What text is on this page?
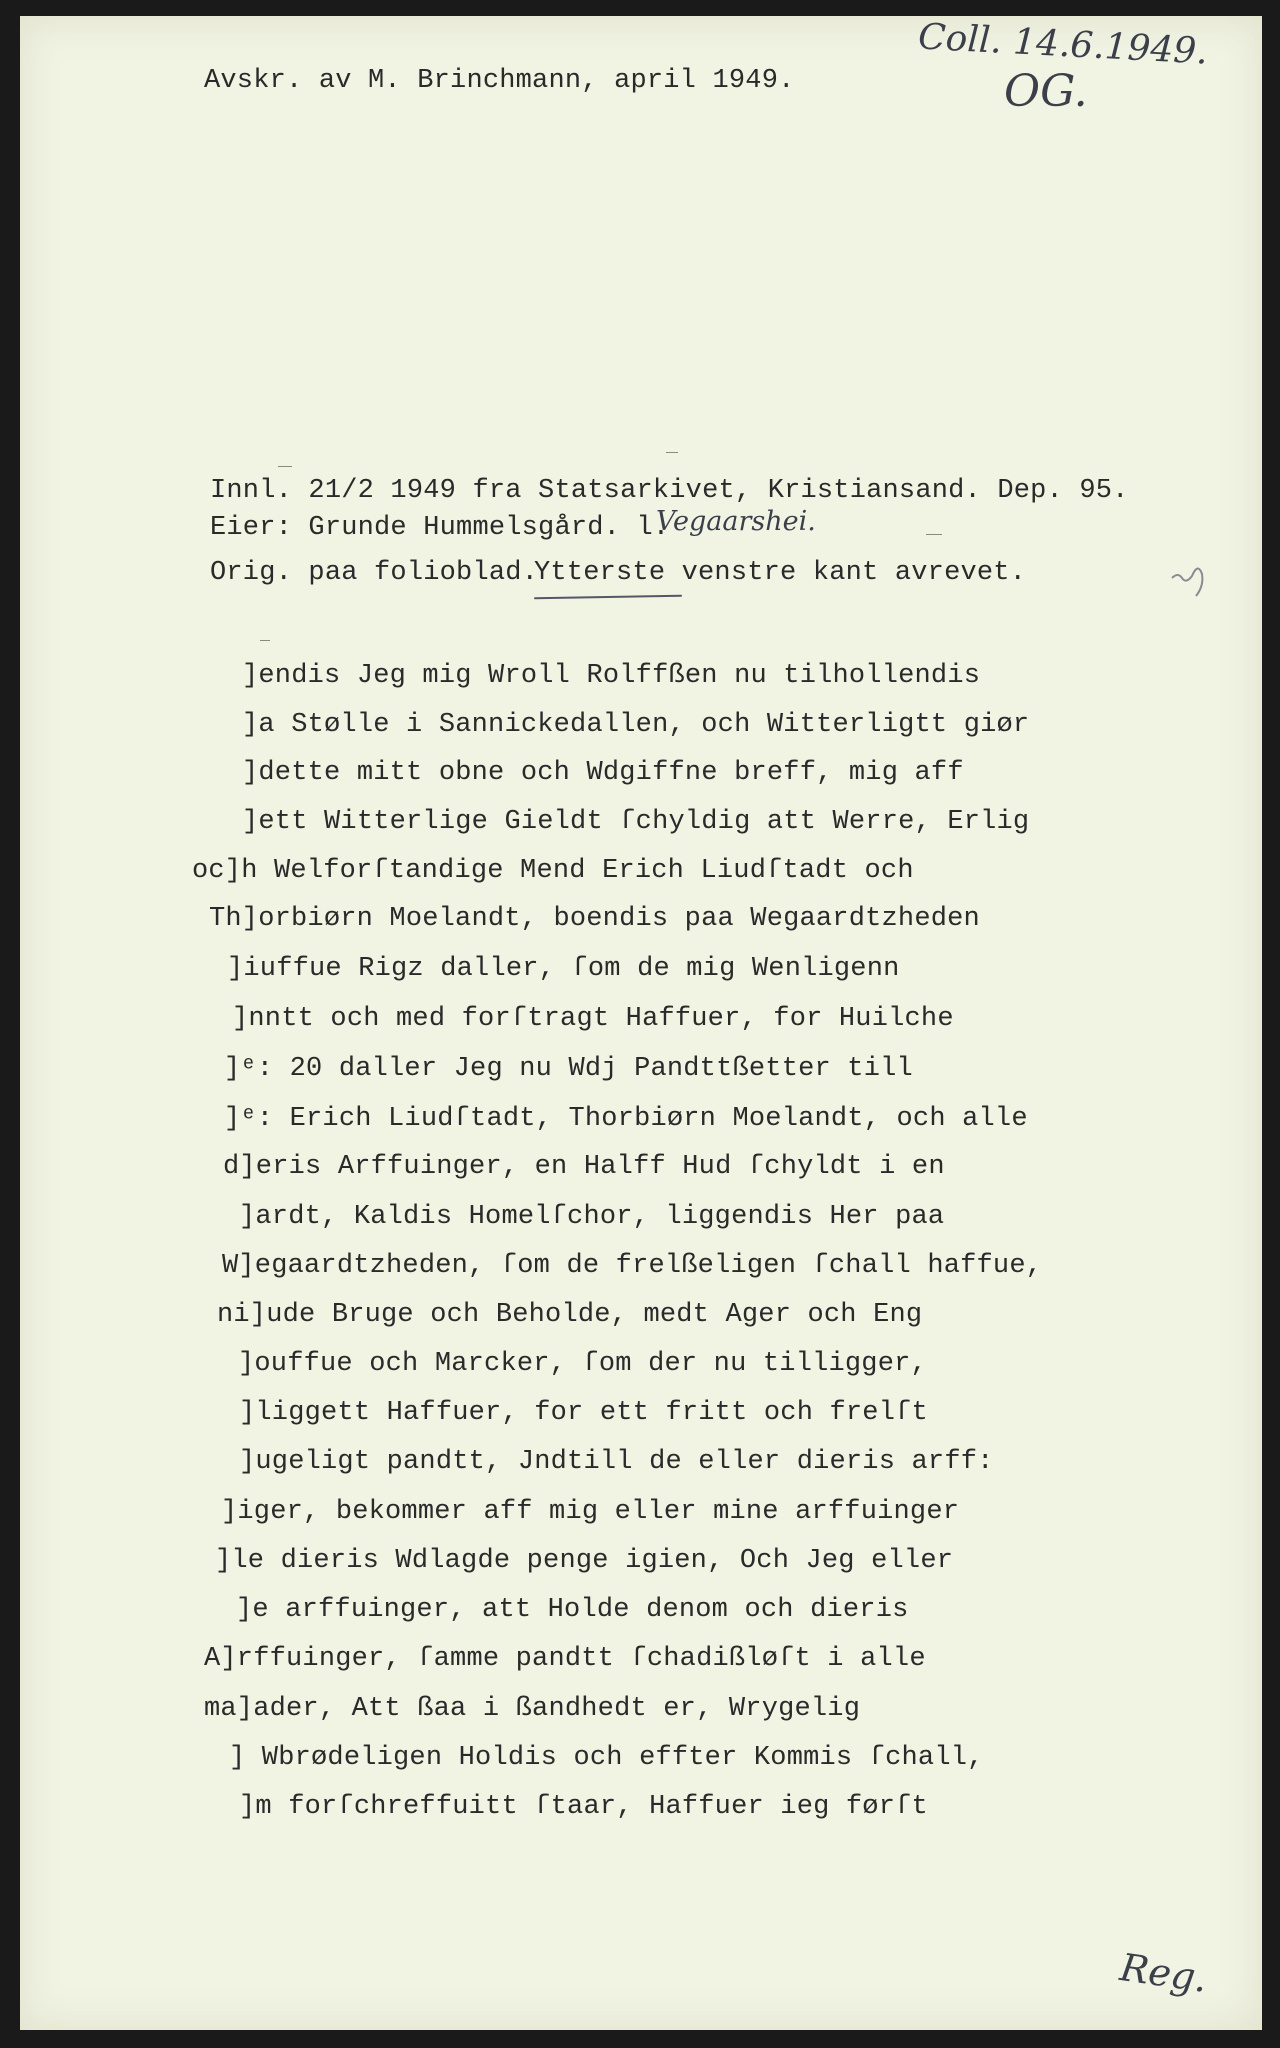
Avskr. av M. Brinchmann, april 1949.
Coll. 14.6.1949.
OG.
Innl. 21/2 1949 fra Statsarkivet, Kristiansand. Dep. 95.
Eier: Grunde Hummelsgård. l.
Vegaarshei.
Orig. paa folioblad.
Ytterste venstre kant avrevet.
]endis Jeg mig Wroll Rolffßen nu tilhollendis
]a Stølle i Sannickedallen, och Witterligtt giør
]dette mitt obne och Wdgiffne breff, mig aff
]ett Witterlige Gieldt ſchyldig att Werre, Erlig
oc]h Welforſtandige Mend Erich Liudſtadt och
Th]orbiørn Moelandt, boendis paa Wegaardtzheden
]iuffue Rigz daller, ſom de mig Wenligenn
]nntt och med forſtragt Haffuer, for Huilche
]ᵉ: 20 daller Jeg nu Wdj Pandttßetter till
]ᵉ: Erich Liudſtadt, Thorbiørn Moelandt, och alle
d]eris Arffuinger, en Halff Hud ſchyldt i en
]ardt, Kaldis Homelſchor, liggendis Her paa
W]egaardtzheden, ſom de frelßeligen ſchall haffue,
ni]ude Bruge och Beholde, medt Ager och Eng
]ouffue och Marcker, ſom der nu tilligger,
]liggett Haffuer, for ett fritt och frelſt
]ugeligt pandtt, Jndtill de eller dieris arff:
]iger, bekommer aff mig eller mine arffuinger
]le dieris Wdlagde penge igien, Och Jeg eller
]e arffuinger, att Holde denom och dieris
A]rffuinger, ſamme pandtt ſchadißløſt i alle
ma]ader, Att ßaa i ßandhedt er, Wrygelig
] Wbrødeligen Holdis och effter Kommis ſchall,
]m forſchreffuitt ſtaar, Haffuer ieg førſt
Reg.
